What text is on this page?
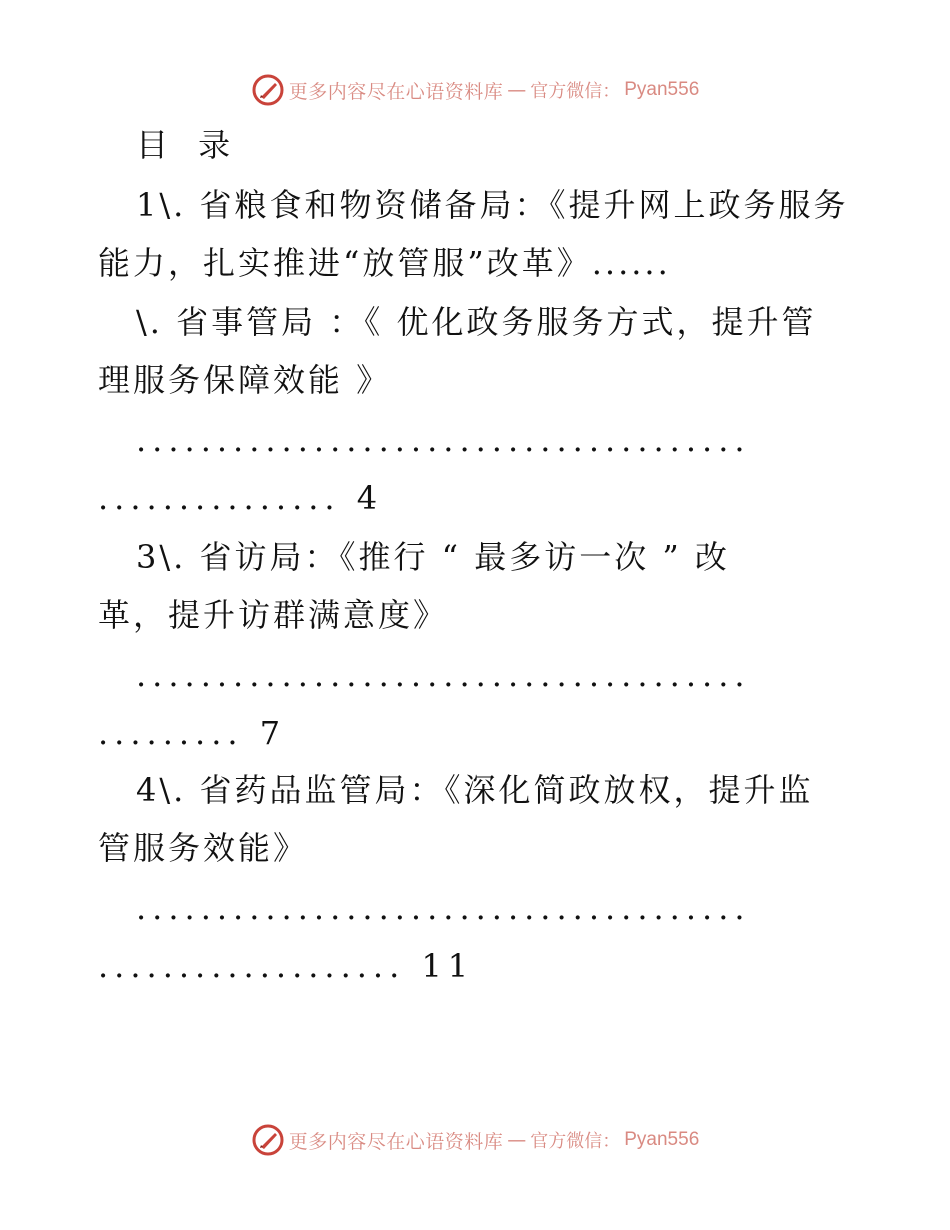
更多内容尽在心语资料库 — 官方微信： Pyan556
目 录
1\. 省粮食和物资储备局：《提升网上政务服务
能力，扎实推进“放管服”改革》......
\. 省事管局 ：《 优化政务服务方式，提升管
理服务保障效能 》
......................................
............... 4
3\. 省访局：《推行 “ 最多访一次 ” 改
革，提升访群满意度》
......................................
......... 7
4\. 省药品监管局：《深化简政放权，提升监
管服务效能》
......................................
................... 11
更多内容尽在心语资料库 — 官方微信： Pyan556
